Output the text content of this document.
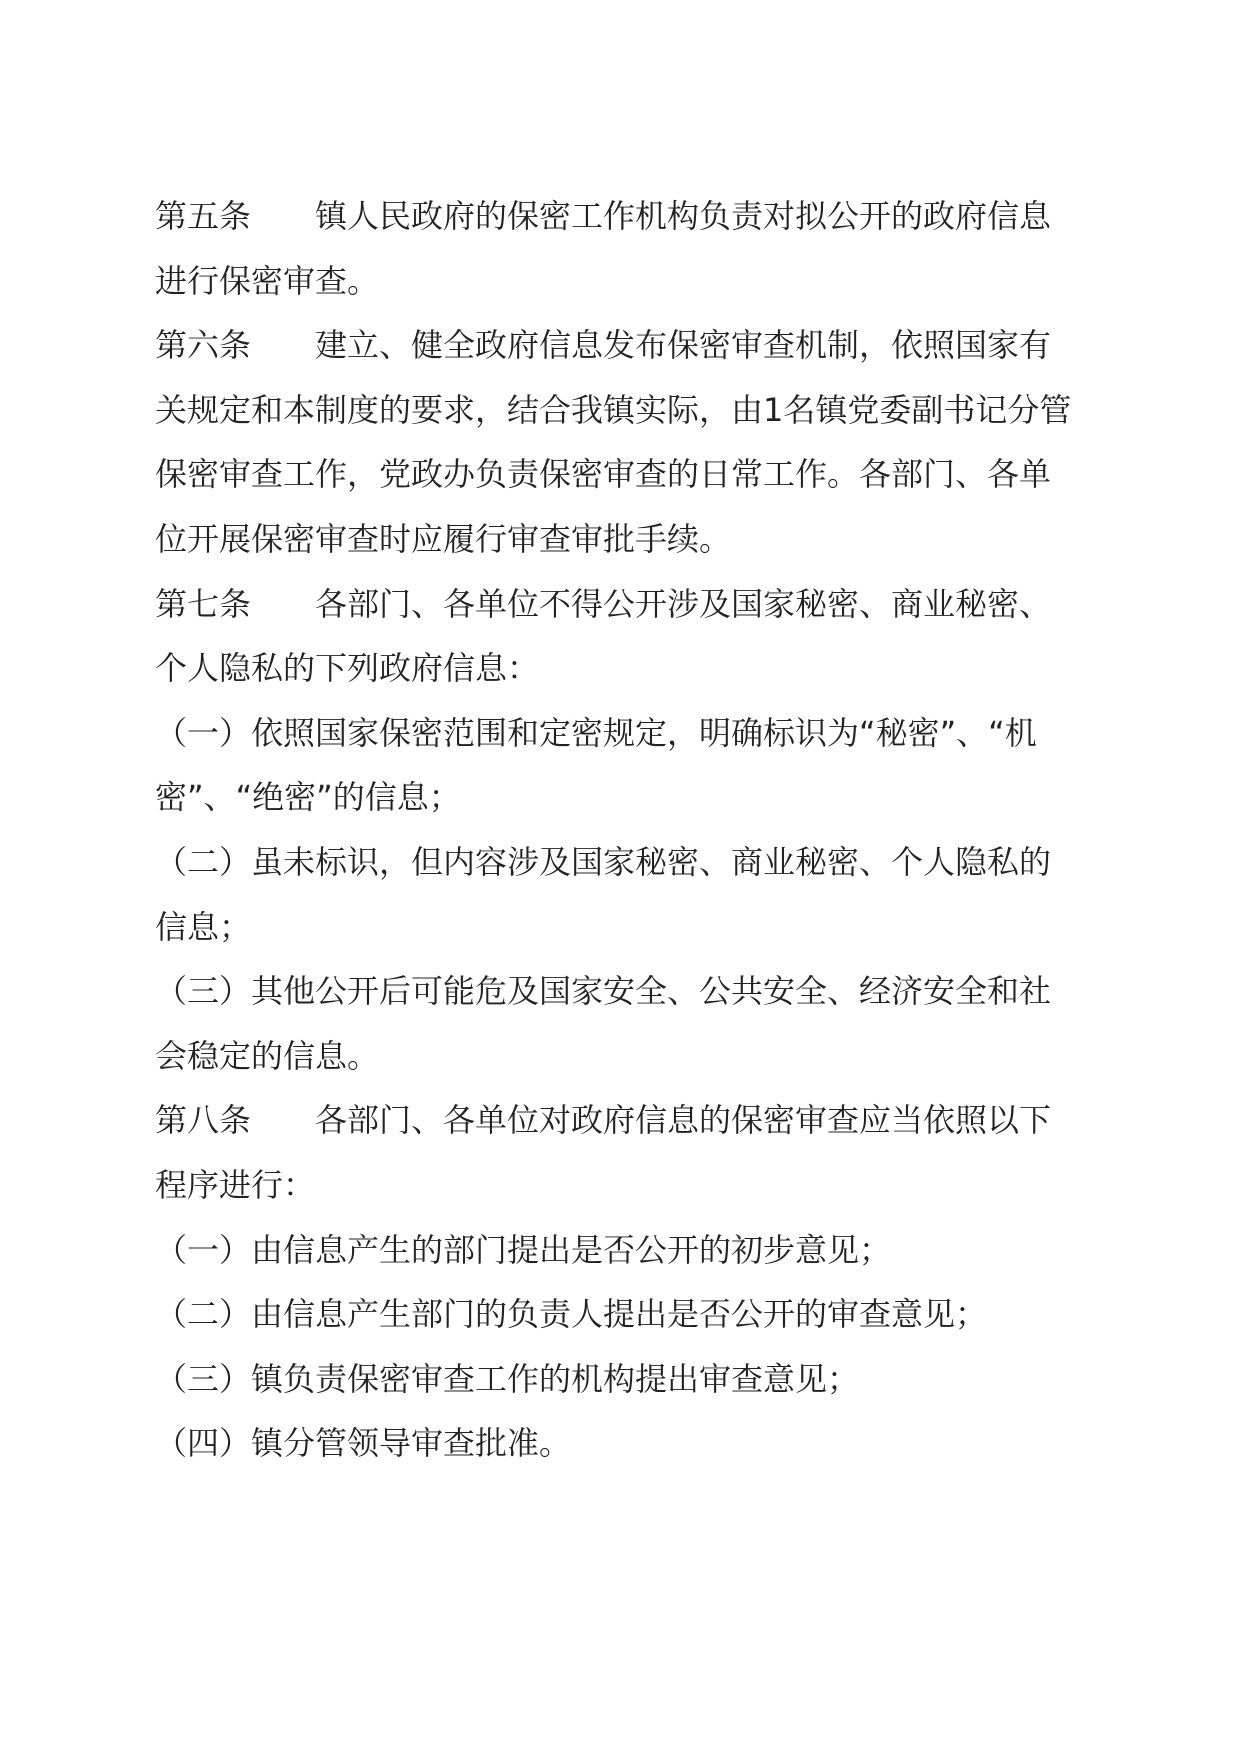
第五条　　 镇人民政府的保密工作机构负责对拟公开的政府信息进行保密审查。

第六条　　 建立、健全政府信息发布保密审查机制，依照国家有关规定和本制度的要求，结合我镇实际，由1名镇党委副书记分管保密审查工作，党政办负责保密审查的日常工作。各部门、各单位开展保密审查时应履行审查审批手续。

第七条　　 各部门、各单位不得公开涉及国家秘密、商业秘密、个人隐私的下列政府信息：

（一）依照国家保密范围和定密规定，明确标识为“秘密”、“机密”、“绝密”的信息；

（二）虽未标识，但内容涉及国家秘密、商业秘密、个人隐私的信息；

（三）其他公开后可能危及国家安全、公共安全、经济安全和社会稳定的信息。

第八条　　 各部门、各单位对政府信息的保密审查应当依照以下程序进行：

（一）由信息产生的部门提出是否公开的初步意见；

（二）由信息产生部门的负责人提出是否公开的审查意见；

（三）镇负责保密审查工作的机构提出审查意见；

（四）镇分管领导审查批准。
